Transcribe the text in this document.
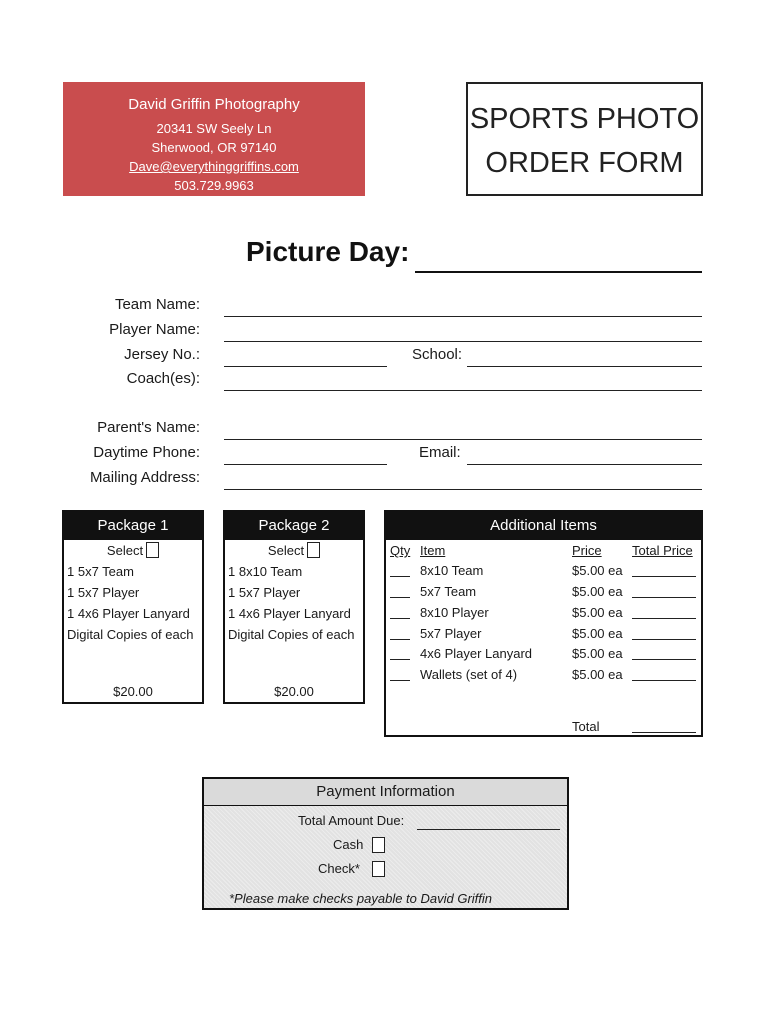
David Griffin Photography
20341 SW Seely Ln
Sherwood, OR 97140
Dave@everythinggriffins.com
503.729.9963
SPORTS PHOTO
ORDER FORM
Picture Day:
Team Name:
Player Name:
Jersey No.:	School:
Coach(es):
Parent's Name:
Daytime Phone:	Email:
Mailing Address:
Package 1
Select
1 5x7 Team
1 5x7 Player
1 4x6 Player Lanyard
Digital Copies of each
$20.00
Package 2
Select
1 8x10 Team
1 5x7 Player
1 4x6 Player Lanyard
Digital Copies of each
$20.00
Additional Items
Qty Item	Price Total Price
8x10 Team	$5.00 ea
5x7 Team	$5.00 ea
8x10 Player	$5.00 ea
5x7 Player	$5.00 ea
4x6 Player Lanyard	$5.00 ea
Wallets (set of 4)	$5.00 ea
Total
Payment Information
Total Amount Due:
Cash
Check*
*Please make checks payable to David Griffin
